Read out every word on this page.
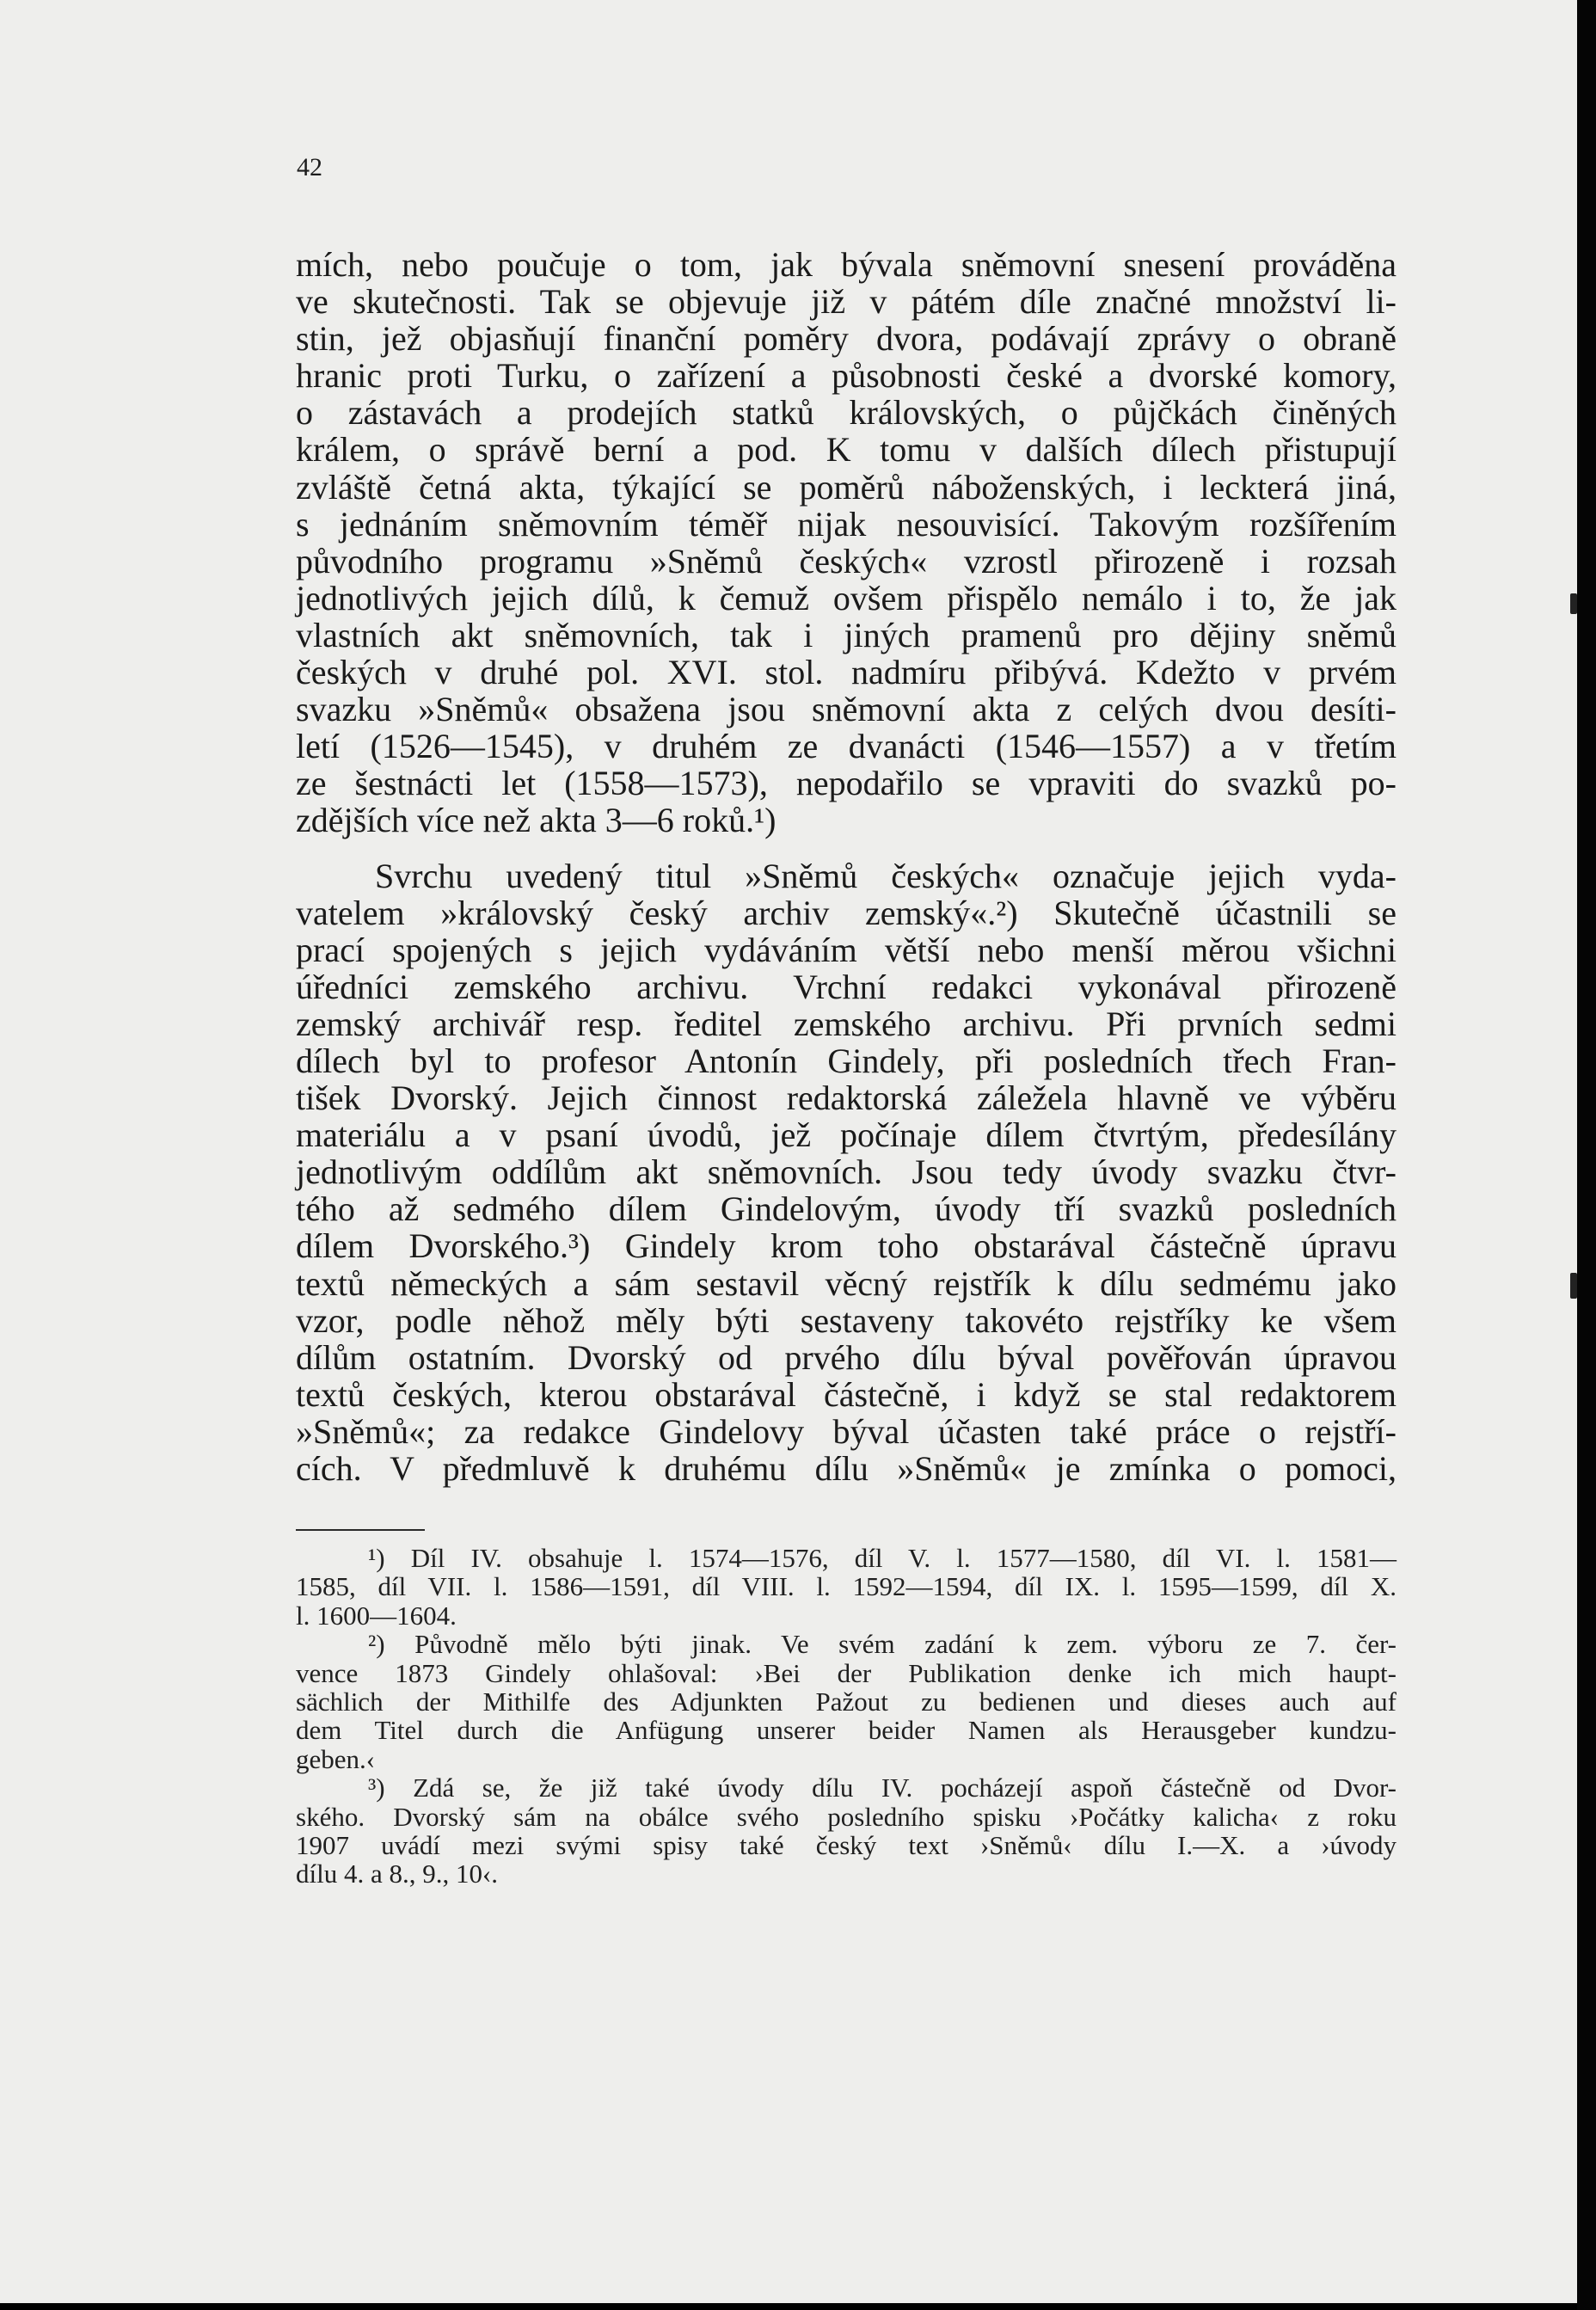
42
mích, nebo poučuje o tom, jak bývala sněmovní snesení prováděna
ve skutečnosti. Tak se objevuje již v pátém díle značné množství li-
stin, jež objasňují finanční poměry dvora, podávají zprávy o obraně
hranic proti Turku, o zařízení a působnosti české a dvorské komory,
o zástavách a prodejích statků královských, o půjčkách činěných
králem, o správě berní a pod. K tomu v dalších dílech přistupují
zvláště četná akta, týkající se poměrů náboženských, i leckterá jiná,
s jednáním sněmovním téměř nijak nesouvisící. Takovým rozšířením
původního programu »Sněmů českých« vzrostl přirozeně i rozsah
jednotlivých jejich dílů, k čemuž ovšem přispělo nemálo i to, že jak
vlastních akt sněmovních, tak i jiných pramenů pro dějiny sněmů
českých v druhé pol. XVI. stol. nadmíru přibývá. Kdežto v prvém
svazku »Sněmů« obsažena jsou sněmovní akta z celých dvou desíti-
letí (1526—1545), v druhém ze dvanácti (1546—1557) a v třetím
ze šestnácti let (1558—1573), nepodařilo se vpraviti do svazků po-
zdějších více než akta 3—6 roků.¹)
Svrchu uvedený titul »Sněmů českých« označuje jejich vyda-
vatelem »královský český archiv zemský«.²) Skutečně účastnili se
prací spojených s jejich vydáváním větší nebo menší měrou všichni
úředníci zemského archivu. Vrchní redakci vykonával přirozeně
zemský archivář resp. ředitel zemského archivu. Při prvních sedmi
dílech byl to profesor Antonín Gindely, při posledních třech Fran-
tišek Dvorský. Jejich činnost redaktorská záležela hlavně ve výběru
materiálu a v psaní úvodů, jež počínaje dílem čtvrtým, předesílány
jednotlivým oddílům akt sněmovních. Jsou tedy úvody svazku čtvr-
tého až sedmého dílem Gindelovým, úvody tří svazků posledních
dílem Dvorského.³) Gindely krom toho obstarával částečně úpravu
textů německých a sám sestavil věcný rejstřík k dílu sedmému jako
vzor, podle něhož měly býti sestaveny takovéto rejstříky ke všem
dílům ostatním. Dvorský od prvého dílu býval pověřován úpravou
textů českých, kterou obstarával částečně, i když se stal redaktorem
»Sněmů«; za redakce Gindelovy býval účasten také práce o rejstří-
cích. V předmluvě k druhému dílu »Sněmů« je zmínka o pomoci,
¹) Díl IV. obsahuje l. 1574—1576, díl V. l. 1577—1580, díl VI. l. 1581—
1585, díl VII. l. 1586—1591, díl VIII. l. 1592—1594, díl IX. l. 1595—1599, díl X.
l. 1600—1604.
²) Původně mělo býti jinak. Ve svém zadání k zem. výboru ze 7. čer-
vence 1873 Gindely ohlašoval: ›Bei der Publikation denke ich mich haupt-
sächlich der Mithilfe des Adjunkten Pažout zu bedienen und dieses auch auf
dem Titel durch die Anfügung unserer beider Namen als Herausgeber kundzu-
geben.‹
³) Zdá se, že již také úvody dílu IV. pocházejí aspoň částečně od Dvor-
ského. Dvorský sám na obálce svého posledního spisku ›Počátky kalicha‹ z roku
1907 uvádí mezi svými spisy také český text ›Sněmů‹ dílu I.—X. a ›úvody
dílu 4. a 8., 9., 10‹.
